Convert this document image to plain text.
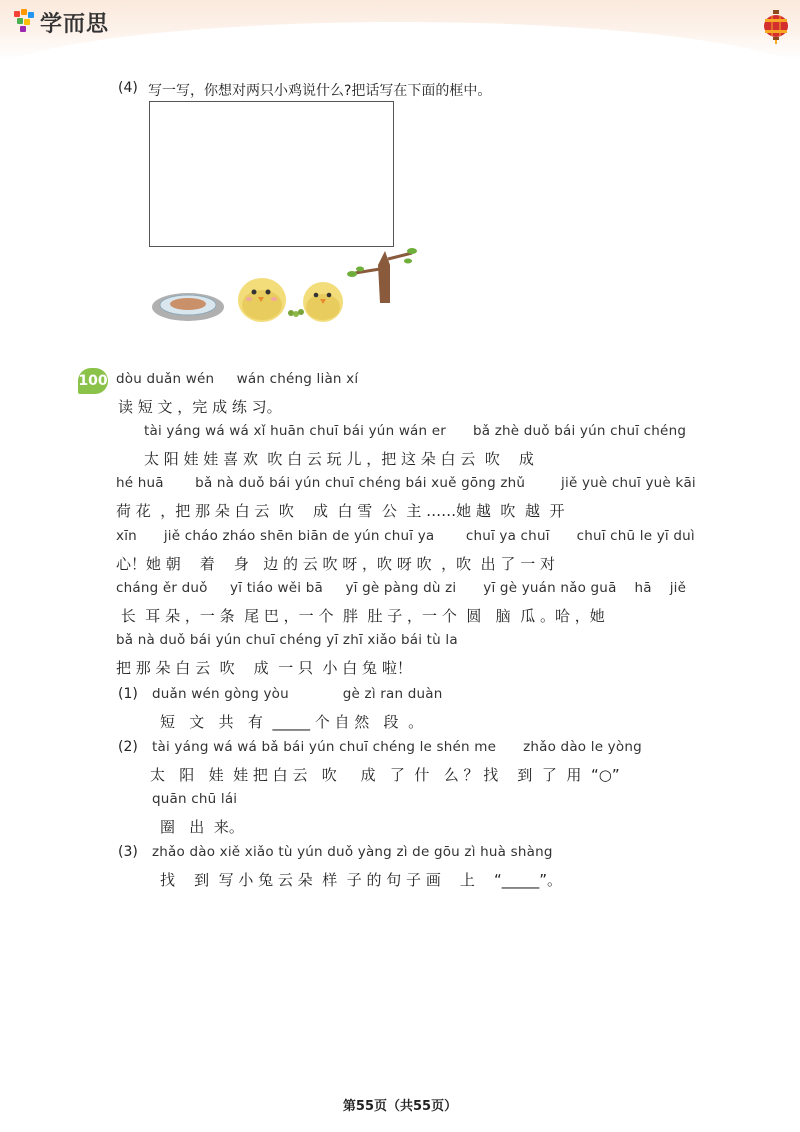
学而思
(4) 写一写，你想对两只小鸡说什么?把话写在下面的框中。
100 dòu duǎn wén     wán chéng liàn xí
读 短 文 ，完 成 练 习。
tài yáng wá wá xǐ huān chuī bái yún wán er      bǎ zhè duǒ bái yún chuī chéng
太 阳 娃 娃 喜 欢  吹 白 云 玩 儿 ，把 这 朵 白 云  吹    成
hé huā       bǎ nà duǒ bái yún chuī chéng bái xuě gōng zhǔ        jiě yuè chuī yuè kāi
荷 花  ，把 那 朵 白 云  吹    成  白 雪  公  主 ……她 越  吹  越  开
xīn      jiě cháo zháo shēn biān de yún chuī ya       chuī ya chuī      chuī chū le yī duì
心！她 朝    着    身   边 的 云 吹 呀 ，吹 呀 吹  ，吹  出 了 一 对
cháng ěr duǒ     yī tiáo wěi bā     yī gè pàng dù zi      yī gè yuán nǎo guā    hā    jiě
长  耳 朵 ，一 条  尾 巴 ，一 个  胖  肚 子 ，一 个  圆   脑  瓜 。哈 ，她
bǎ nà duǒ bái yún chuī chéng yī zhī xiǎo bái tù la
把 那 朵 白 云  吹    成  一 只  小 白 兔 啦！
(1) duǎn wén gòng yòu            gè zì ran duàn
短   文   共   有  _____ 个 自 然   段  。
(2) tài yáng wá wá bǎ bái yún chuī chéng le shén me      zhǎo dào le yòng
太   阳   娃  娃 把 白 云   吹     成   了  什   么 ？ 找    到  了  用  “○”
quān chū lái
圈   出  来。
(3) zhǎo dào xiě xiǎo tù yún duǒ yàng zì de gōu zì huà shàng
找    到  写 小 兔 云 朵  样  子 的 句 子 画    上    “_____”。
第55页（共55页）
